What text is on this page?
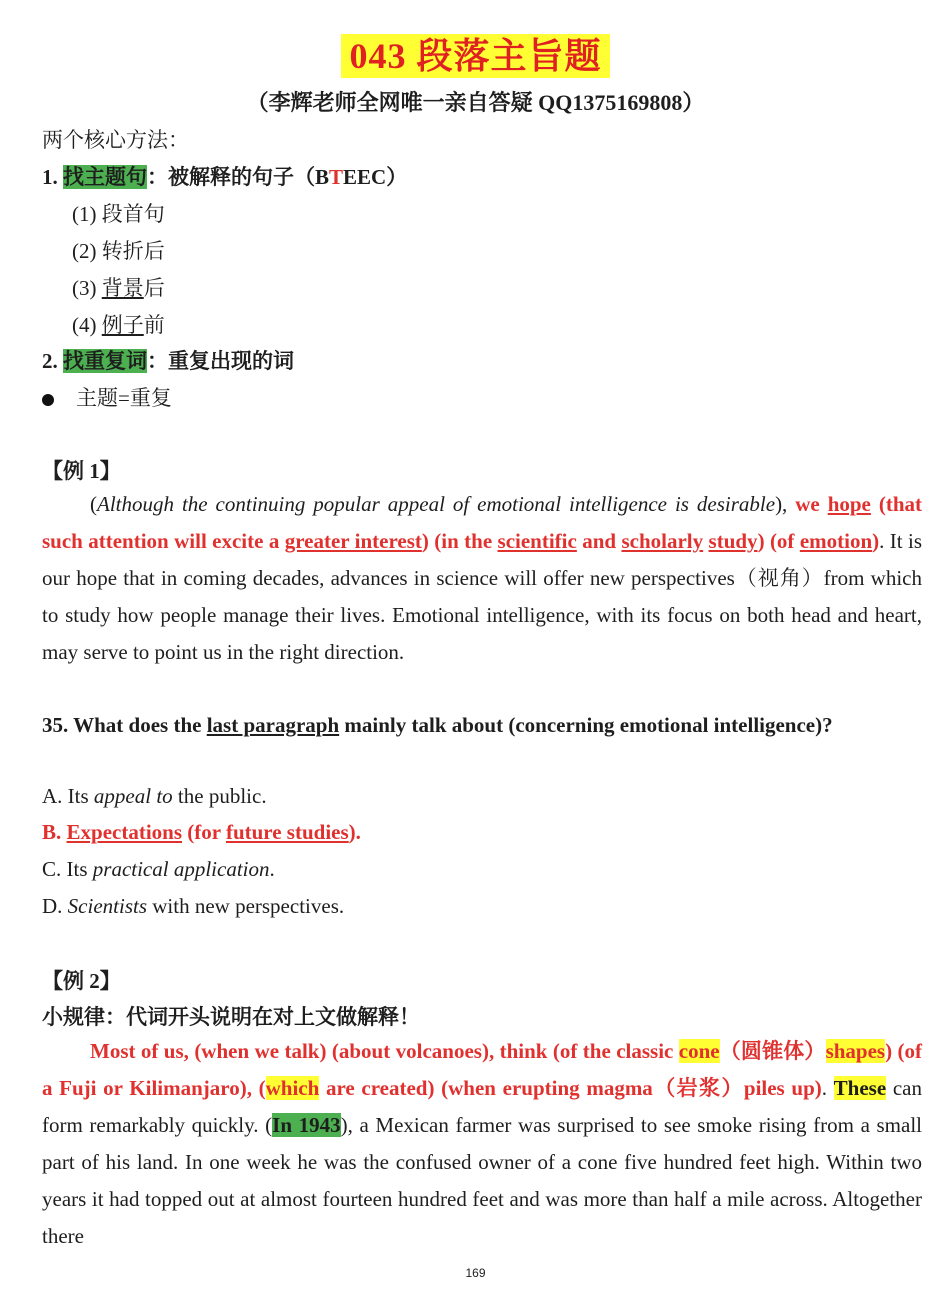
043 段落主旨题
（李辉老师全网唯一亲自答疑 QQ1375169808）
两个核心方法：
1. 找主题句：被解释的句子（BTEEC）
(1) 段首句
(2) 转折后
(3) 背景后
(4) 例子前
2. 找重复词：重复出现的词
主题=重复
【例 1】
(Although the continuing popular appeal of emotional intelligence is desirable), we hope (that such attention will excite a greater interest) (in the scientific and scholarly study) (of emotion). It is our hope that in coming decades, advances in science will offer new perspectives（视角）from which to study how people manage their lives. Emotional intelligence, with its focus on both head and heart, may serve to point us in the right direction.
35. What does the last paragraph mainly talk about (concerning emotional intelligence)?
A. Its appeal to the public.
B. Expectations (for future studies).
C. Its practical application.
D. Scientists with new perspectives.
【例 2】
小规律：代词开头说明在对上文做解释！
Most of us, (when we talk) (about volcanoes), think (of the classic cone（圆锥体）shapes) (of a Fuji or Kilimanjaro), (which are created) (when erupting magma（岩浆）piles up). These can form remarkably quickly. (In 1943), a Mexican farmer was surprised to see smoke rising from a small part of his land. In one week he was the confused owner of a cone five hundred feet high. Within two years it had topped out at almost fourteen hundred feet and was more than half a mile across. Altogether there
169
